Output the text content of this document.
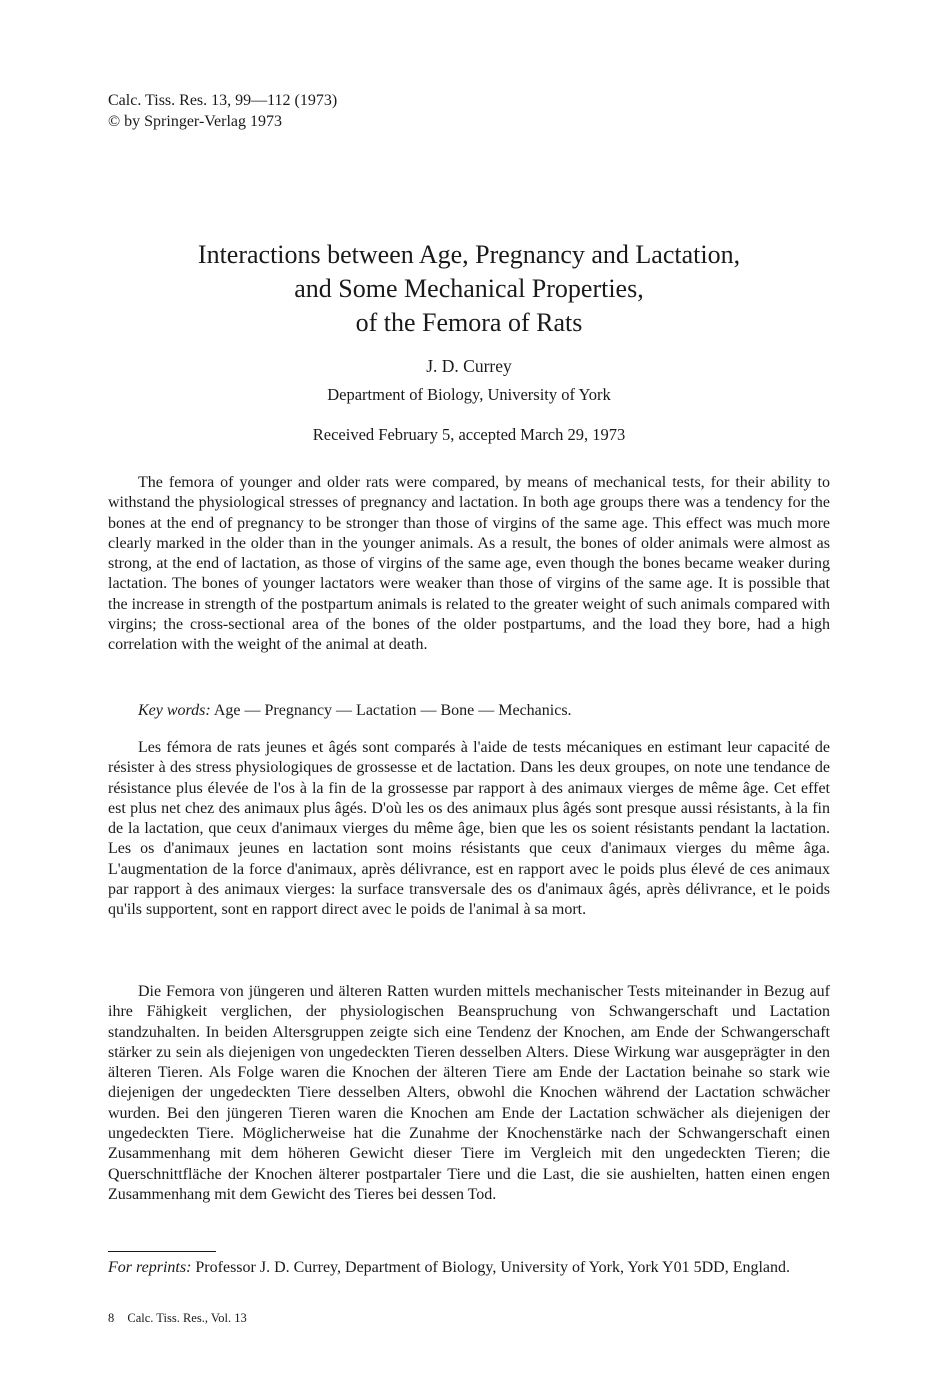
Calc. Tiss. Res. 13, 99—112 (1973)
© by Springer-Verlag 1973
Interactions between Age, Pregnancy and Lactation,
and Some Mechanical Properties,
of the Femora of Rats
J. D. Currey
Department of Biology, University of York
Received February 5, accepted March 29, 1973

The femora of younger and older rats were compared, by means of mechanical tests, for their ability to withstand the physiological stresses of pregnancy and lactation. In both age groups there was a tendency for the bones at the end of pregnancy to be stronger than those of virgins of the same age. This effect was much more clearly marked in the older than in the younger animals. As a result, the bones of older animals were almost as strong, at the end of lactation, as those of virgins of the same age, even though the bones became weaker during lactation. The bones of younger lactators were weaker than those of virgins of the same age. It is possible that the increase in strength of the postpartum animals is related to the greater weight of such animals compared with virgins; the cross-sectional area of the bones of the older postpartums, and the load they bore, had a high correlation with the weight of the animal at death.

Key words: Age — Pregnancy — Lactation — Bone — Mechanics.

Les fémora de rats jeunes et âgés sont comparés à l'aide de tests mécaniques en estimant leur capacité de résister à des stress physiologiques de grossesse et de lactation. Dans les deux groupes, on note une tendance de résistance plus élevée de l'os à la fin de la grossesse par rapport à des animaux vierges de même âge. Cet effet est plus net chez des animaux plus âgés. D'où les os des animaux plus âgés sont presque aussi résistants, à la fin de la lactation, que ceux d'animaux vierges du même âge, bien que les os soient résistants pendant la lactation. Les os d'animaux jeunes en lactation sont moins résistants que ceux d'animaux vierges du même âga. L'augmentation de la force d'animaux, après délivrance, est en rapport avec le poids plus élevé de ces animaux par rapport à des animaux vierges: la surface transversale des os d'animaux âgés, après délivrance, et le poids qu'ils supportent, sont en rapport direct avec le poids de l'animal à sa mort.

Die Femora von jüngeren und älteren Ratten wurden mittels mechanischer Tests miteinander in Bezug auf ihre Fähigkeit verglichen, der physiologischen Beanspruchung von Schwangerschaft und Lactation standzuhalten. In beiden Altersgruppen zeigte sich eine Tendenz der Knochen, am Ende der Schwangerschaft stärker zu sein als diejenigen von ungedeckten Tieren desselben Alters. Diese Wirkung war ausgeprägter in den älteren Tieren. Als Folge waren die Knochen der älteren Tiere am Ende der Lactation beinahe so stark wie diejenigen der ungedeckten Tiere desselben Alters, obwohl die Knochen während der Lactation schwächer wurden. Bei den jüngeren Tieren waren die Knochen am Ende der Lactation schwächer als diejenigen der ungedeckten Tiere. Möglicherweise hat die Zunahme der Knochenstärke nach der Schwangerschaft einen Zusammenhang mit dem höheren Gewicht dieser Tiere im Vergleich mit den ungedeckten Tieren; die Querschnittfläche der Knochen älterer postpartaler Tiere und die Last, die sie aushielten, hatten einen engen Zusammenhang mit dem Gewicht des Tieres bei dessen Tod.

For reprints: Professor J. D. Currey, Department of Biology, University of York, York Y01 5DD, England.

8 Calc. Tiss. Res., Vol. 13
